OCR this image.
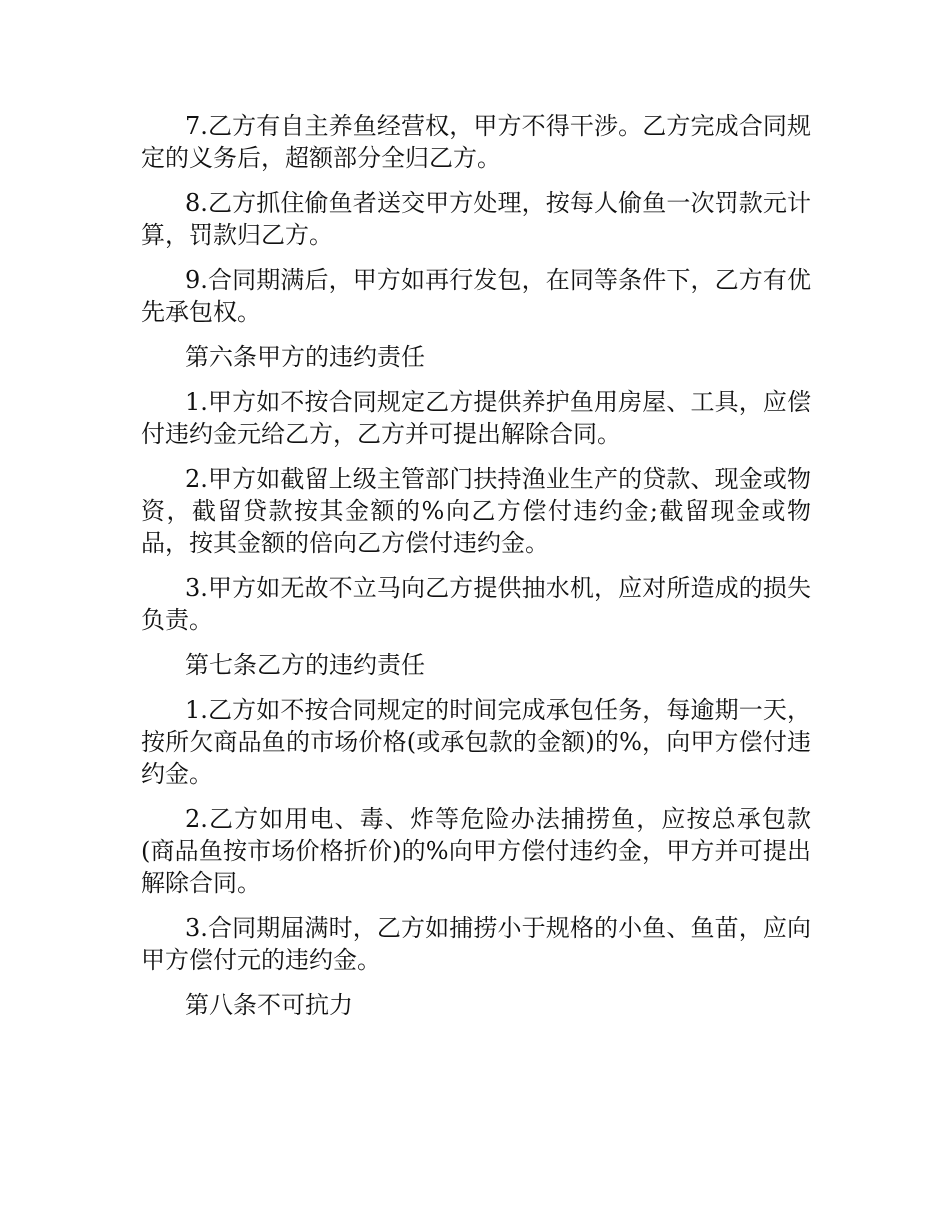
7.乙方有自主养鱼经营权，甲方不得干涉。乙方完成合同规定的义务后，超额部分全归乙方。

8.乙方抓住偷鱼者送交甲方处理，按每人偷鱼一次罚款元计算，罚款归乙方。

9.合同期满后，甲方如再行发包，在同等条件下，乙方有优先承包权。

第六条甲方的违约责任

1.甲方如不按合同规定乙方提供养护鱼用房屋、工具，应偿付违约金元给乙方，乙方并可提出解除合同。

2.甲方如截留上级主管部门扶持渔业生产的贷款、现金或物资，截留贷款按其金额的%向乙方偿付违约金;截留现金或物品，按其金额的倍向乙方偿付违约金。

3.甲方如无故不立马向乙方提供抽水机，应对所造成的损失负责。

第七条乙方的违约责任

1.乙方如不按合同规定的时间完成承包任务，每逾期一天，按所欠商品鱼的市场价格(或承包款的金额)的%，向甲方偿付违约金。

2.乙方如用电、毒、炸等危险办法捕捞鱼，应按总承包款(商品鱼按市场价格折价)的%向甲方偿付违约金，甲方并可提出解除合同。

3.合同期届满时，乙方如捕捞小于规格的小鱼、鱼苗，应向甲方偿付元的违约金。

第八条不可抗力
